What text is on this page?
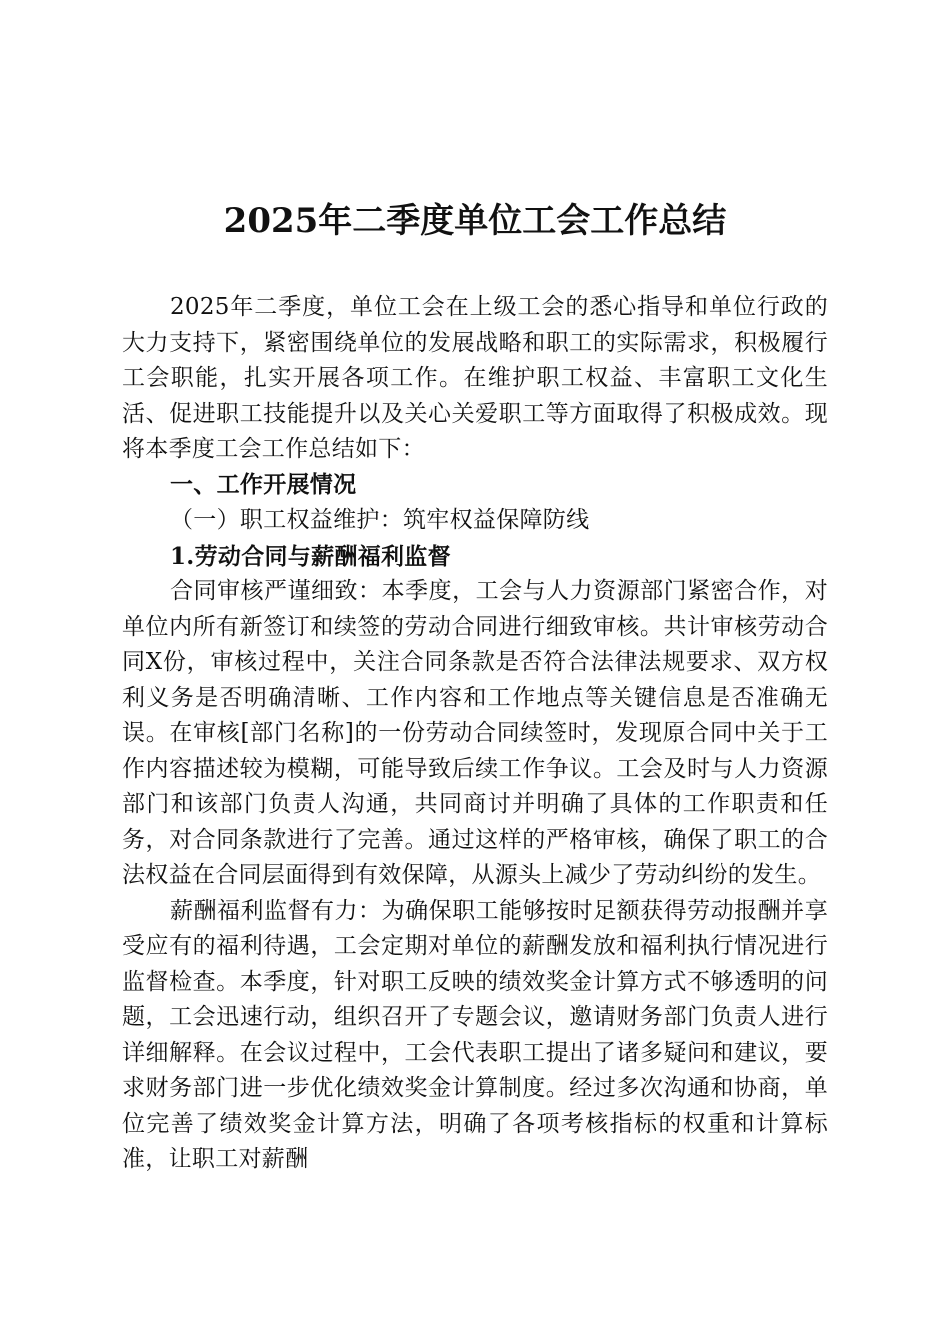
2025年二季度单位工会工作总结

2025年二季度，单位工会在上级工会的悉心指导和单位行政的大力支持下，紧密围绕单位的发展战略和职工的实际需求，积极履行工会职能，扎实开展各项工作。在维护职工权益、丰富职工文化生活、促进职工技能提升以及关心关爱职工等方面取得了积极成效。现将本季度工会工作总结如下：

一、工作开展情况

（一）职工权益维护：筑牢权益保障防线

1.劳动合同与薪酬福利监督

合同审核严谨细致：本季度，工会与人力资源部门紧密合作，对单位内所有新签订和续签的劳动合同进行细致审核。共计审核劳动合同X份，审核过程中，关注合同条款是否符合法律法规要求、双方权利义务是否明确清晰、工作内容和工作地点等关键信息是否准确无误。在审核[部门名称]的一份劳动合同续签时，发现原合同中关于工作内容描述较为模糊，可能导致后续工作争议。工会及时与人力资源部门和该部门负责人沟通，共同商讨并明确了具体的工作职责和任务，对合同条款进行了完善。通过这样的严格审核，确保了职工的合法权益在合同层面得到有效保障，从源头上减少了劳动纠纷的发生。

薪酬福利监督有力：为确保职工能够按时足额获得劳动报酬并享受应有的福利待遇，工会定期对单位的薪酬发放和福利执行情况进行监督检查。本季度，针对职工反映的绩效奖金计算方式不够透明的问题，工会迅速行动，组织召开了专题会议，邀请财务部门负责人进行详细解释。在会议过程中，工会代表职工提出了诸多疑问和建议，要求财务部门进一步优化绩效奖金计算制度。经过多次沟通和协商，单位完善了绩效奖金计算方法，明确了各项考核指标的权重和计算标准，让职工对薪酬
